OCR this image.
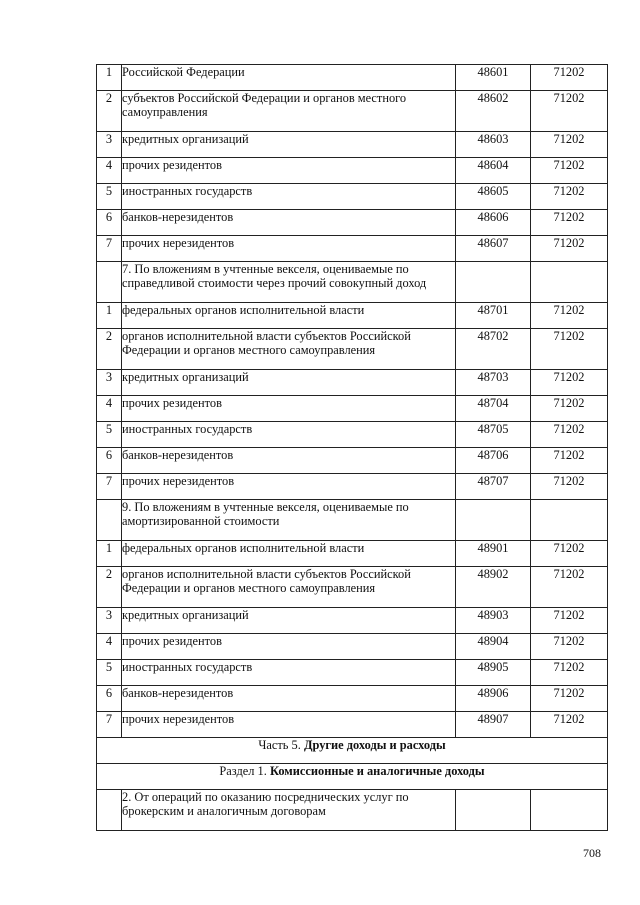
1	Российской Федерации	48601	71202
2	субъектов Российской Федерации и органов местного самоуправления	48602	71202
3	кредитных организаций	48603	71202
4	прочих резидентов	48604	71202
5	иностранных государств	48605	71202
6	банков-нерезидентов	48606	71202
7	прочих нерезидентов	48607	71202
	7. По вложениям в учтенные векселя, оцениваемые по справедливой стоимости через прочий совокупный доход		
1	федеральных органов исполнительной власти	48701	71202
2	органов исполнительной власти субъектов Российской Федерации и органов местного самоуправления	48702	71202
3	кредитных организаций	48703	71202
4	прочих резидентов	48704	71202
5	иностранных государств	48705	71202
6	банков-нерезидентов	48706	71202
7	прочих нерезидентов	48707	71202
	9. По вложениям в учтенные векселя, оцениваемые по амортизированной стоимости		
1	федеральных органов исполнительной власти	48901	71202
2	органов исполнительной власти субъектов Российской Федерации и органов местного самоуправления	48902	71202
3	кредитных организаций	48903	71202
4	прочих резидентов	48904	71202
5	иностранных государств	48905	71202
6	банков-нерезидентов	48906	71202
7	прочих нерезидентов	48907	71202
Часть 5. Другие доходы и расходы			
Раздел 1. Комиссионные и аналогичные доходы			
	2. От операций по оказанию посреднических услуг по брокерским и аналогичным договорам		
708
